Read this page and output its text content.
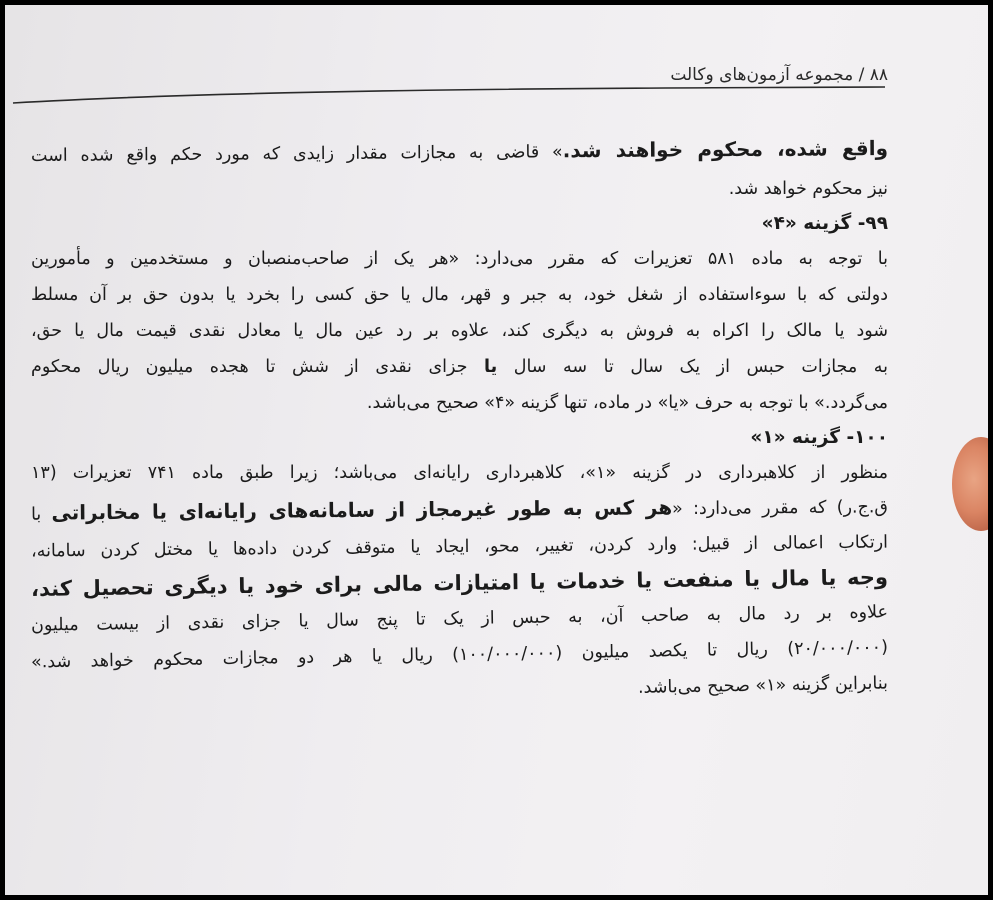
۸۸ / مجموعه آزمون‌های وکالت
واقع شده، محکوم خواهند شد.» قاضی به مجازات مقدار زایدی که مورد حکم واقع شده است
نیز محکوم خواهد شد.
۹۹- گزینه «۴»
با توجه به ماده ۵۸۱ تعزیرات که مقرر می‌دارد: «هر یک از صاحب‌منصبان و مستخدمین و مأمورین
دولتی که با سوءاستفاده از شغل خود، به جبر و قهر، مال یا حق کسی را بخرد یا بدون حق بر آن مسلط
شود یا مالک را اکراه به فروش به دیگری کند، علاوه بر رد عین مال یا معادل نقدی قیمت مال یا حق،
به مجازات حبس از یک سال تا سه سال یا جزای نقدی از شش تا هجده میلیون ریال محکوم
می‌گردد.» با توجه به حرف «یا» در ماده، تنها گزینه «۴» صحیح می‌باشد.
۱۰۰- گزینه «۱»
منظور از کلاهبرداری در گزینه «۱»، کلاهبرداری رایانه‌ای می‌باشد؛ زیرا طبق ماده ۷۴۱ تعزیرات (۱۳
ق.ج.ر) که مقرر می‌دارد: «هر کس به طور غیرمجاز از سامانه‌های رایانه‌ای یا مخابراتی با
ارتکاب اعمالی از قبیل: وارد کردن، تغییر، محو، ایجاد یا متوقف کردن داده‌ها یا مختل کردن سامانه،
وجه یا مال یا منفعت یا خدمات یا امتیازات مالی برای خود یا دیگری تحصیل کند،
علاوه بر رد مال به صاحب آن، به حبس از یک تا پنج سال یا جزای نقدی از بیست میلیون
(۲۰/۰۰۰/۰۰۰) ریال تا یکصد میلیون (۱۰۰/۰۰۰/۰۰۰) ریال یا هر دو مجازات محکوم خواهد شد.»
بنابراین گزینه «۱» صحیح می‌باشد.
